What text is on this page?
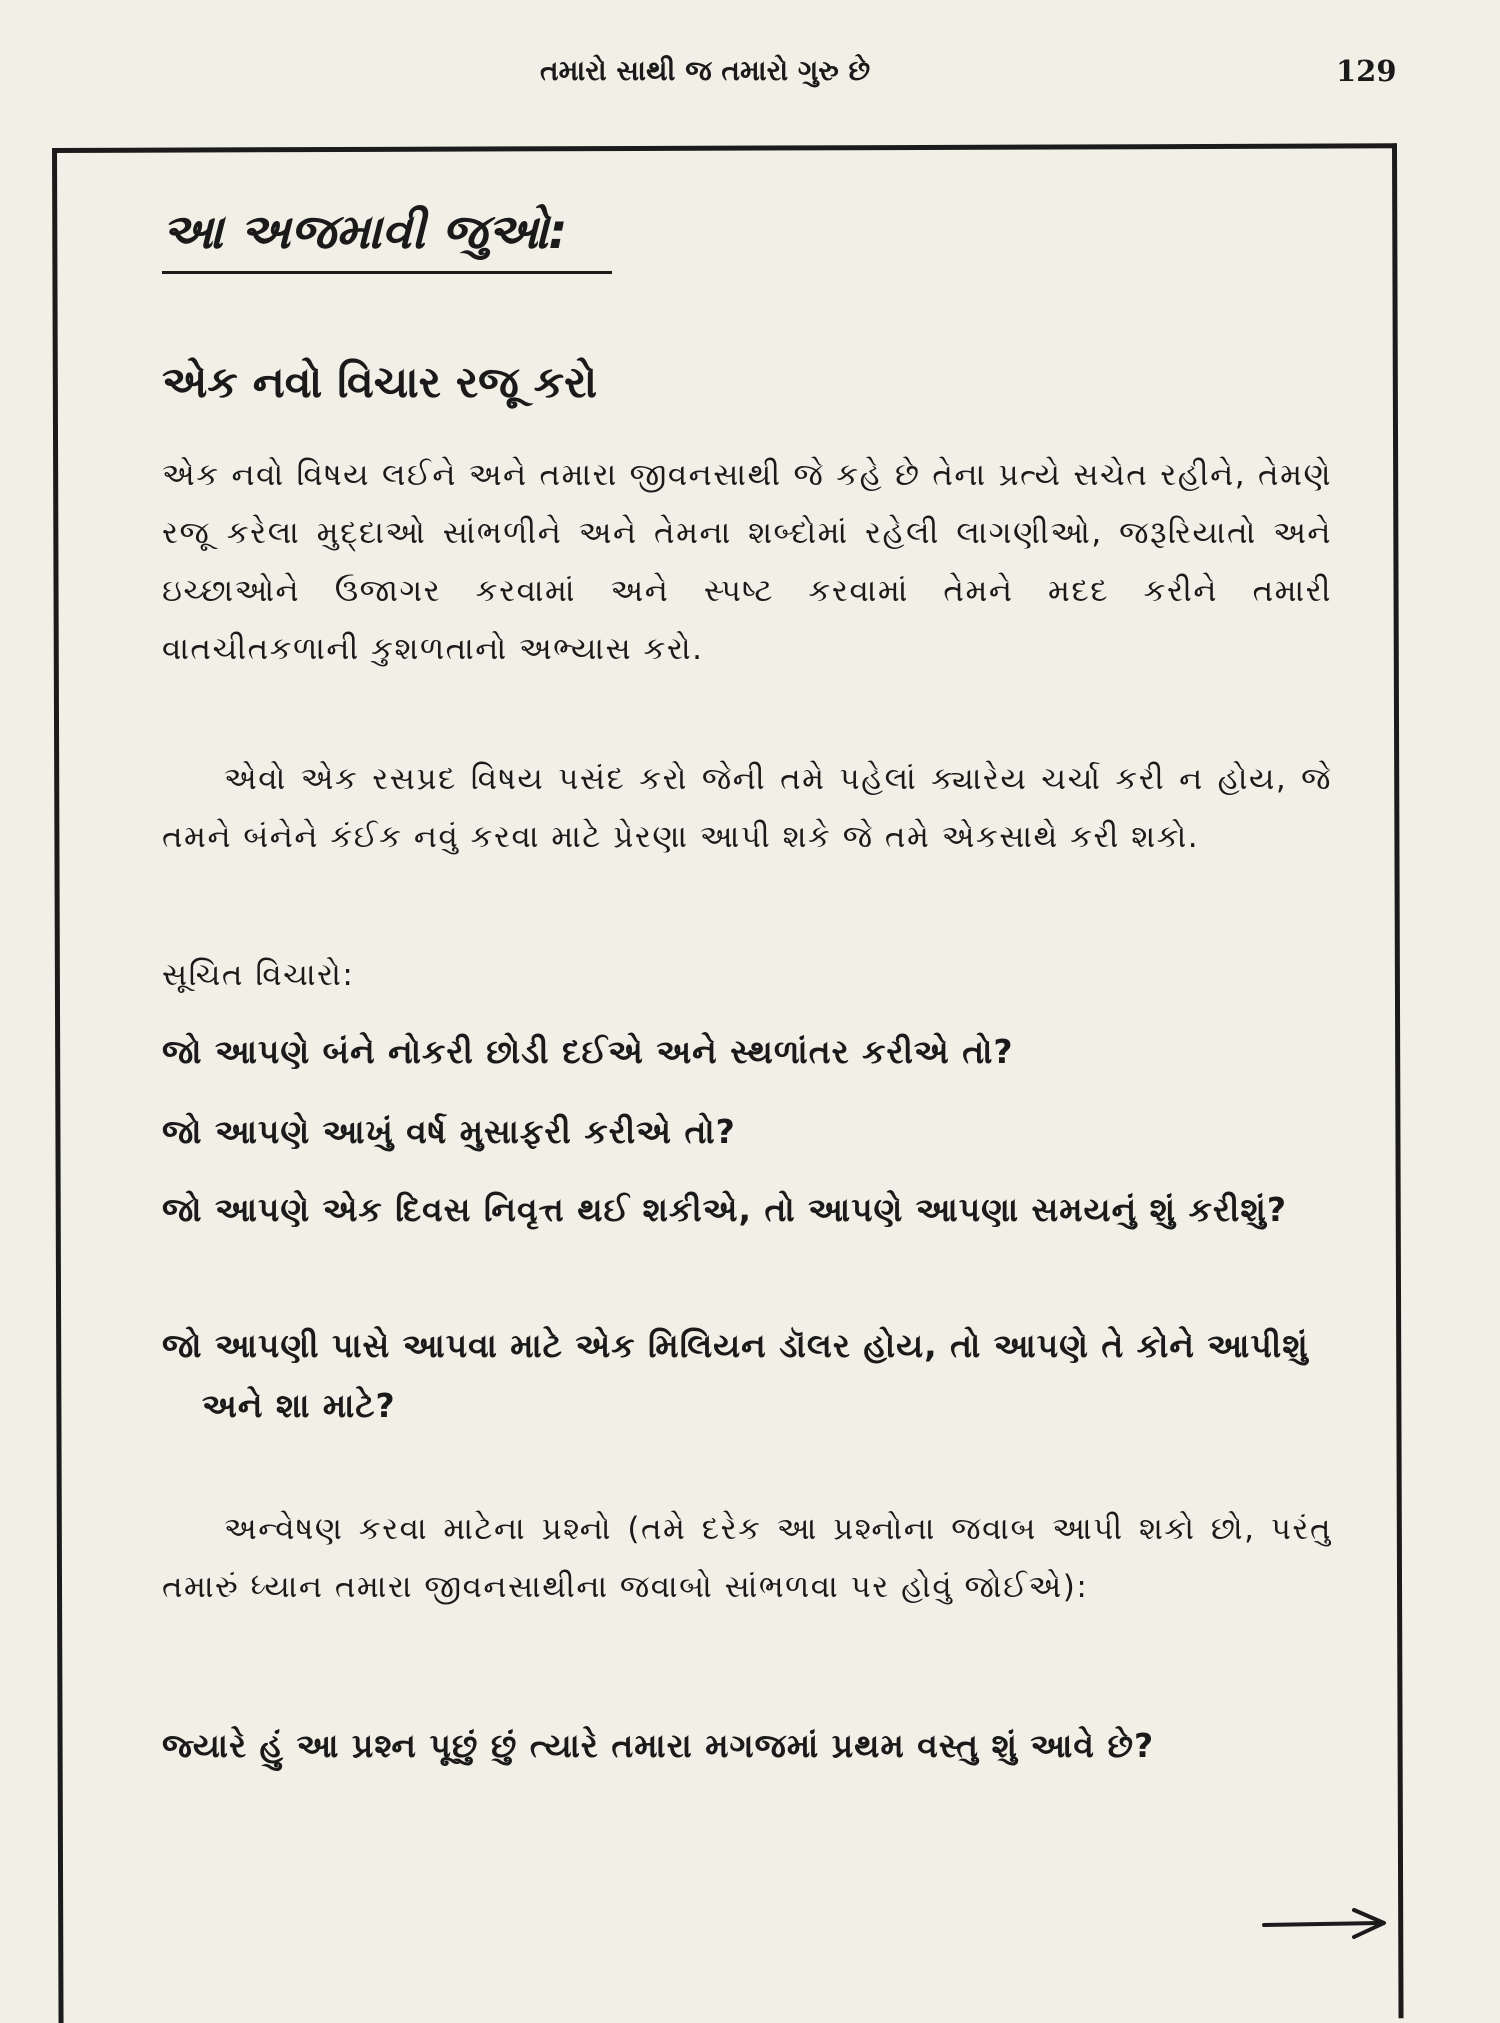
તમારો સાથી જ તમારો ગુરુ છે	129
આ અજમાવી જુઓ:
એક નવો વિચાર રજૂ કરો

એક નવો વિષય લઈને અને તમારા જીવનસાથી જે કહે છે તેના પ્રત્યે સચેત રહીને, તેમણે રજૂ કરેલા મુદ્દાઓ સાંભળીને અને તેમના શબ્દોમાં રહેલી લાગણીઓ, જરૂરિયાતો અને ઇચ્છાઓને ઉજાગર કરવામાં અને સ્પષ્ટ કરવામાં તેમને મદદ કરીને તમારી વાતચીતકળાની કુશળતાનો અભ્યાસ કરો.

એવો એક રસપ્રદ વિષય પસંદ કરો જેની તમે પહેલાં ક્યારેય ચર્ચા કરી ન હોય, જે તમને બંનેને કંઈક નવું કરવા માટે પ્રેરણા આપી શકે જે તમે એકસાથે કરી શકો.

સૂચિત વિચારો:
જો આપણે બંને નોકરી છોડી દઈએ અને સ્થળાંતર કરીએ તો?
જો આપણે આખું વર્ષ મુસાફરી કરીએ તો?
જો આપણે એક દિવસ નિવૃત્ત થઈ શકીએ, તો આપણે આપણા સમયનું શું કરીશું?
જો આપણી પાસે આપવા માટે એક મિલિયન ડૉલર હોય, તો આપણે તે કોને આપીશું અને શા માટે?

અન્વેષણ કરવા માટેના પ્રશ્નો (તમે દરેક આ પ્રશ્નોના જવાબ આપી શકો છો, પરંતુ તમારું ધ્યાન તમારા જીવનસાથીના જવાબો સાંભળવા પર હોવું જોઈએ):

જ્યારે હું આ પ્રશ્ન પૂછું છું ત્યારે તમારા મગજમાં પ્રથમ વસ્તુ શું આવે છે?
